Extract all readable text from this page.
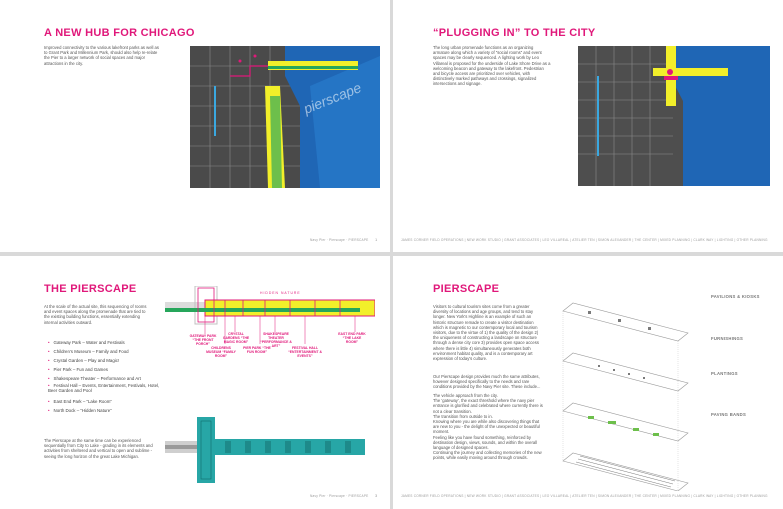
A NEW HUB FOR CHICAGO
Improved connectivity to the various lakefront parks as well as to Grant Park and Millennium Park, should also help re-relate the Pier to a larger network of social spaces and major attractions in the city.
pierscape
Navy Pier · Pierscape · PIERSCAPE 1
“PLUGGING IN” TO THE CITY
The long urban promenade functions as an organizing armature along which a variety of “social rooms” and event spaces may be clearly sequenced. A lighting work by Leo Villareal is proposed for the underside of Lake Shore Drive as a welcoming beacon and gateway to the lakefront. Pedestrian and bicycle access are prioritized over vehicles, with distinctively marked pathways and crossings, signalized intersections and signage.
JAMES CORNER FIELD OPERATIONS | NEW WORK STUDIO | GRANT ASSOCIATES | LEO VILLAREAL | ATELIER TEN | SIMON ALEXANDER | THE CENTER | MIXED PLANNING | CLARK WAY | LIGHTING | OTHER PLANNING
THE PIERSCAPE
At the scale of the actual site, this sequencing of rooms and event spaces along the promenade that are tied to the existing building functions, essentially extending internal activities outward.
• Gateway Park – Water and Festivals
• Children’s Museum – Family and Food
• Crystal Garden – Play and Magic!
• Pier Park – Fun and Games
• Shakespeare Theater – Performance and Art
• Festival Hall – Events, Entertainment, Festivals, Hotel, Beer Garden and Pool
• East End Park – “Lake Room”
• North Dock – “Hidden Nature”
The Pierscape at the same time can be experienced sequentially from City to Lake - grading in its elements and activities from sheltered and vertical to open and sublime - seeing the long horizon of the great Lake Michigan.
HIDDEN NATURE
GATEWAY PARK “THE FRONT PORCH”
CRYSTAL GARDENS “THE MAGIC ROOM”
SHAKESPEARE THEATER “PERFORMANCE & ART”
EAST END PARK “THE LAKE ROOM”
CHILDRENS MUSEUM “FAMILY ROOM”
PIER PARK “THE FUN ROOM”
FESTIVAL HALL “ENTERTAINMENT & EVENTS”
Navy Pier · Pierscape · PIERSCAPE 3
PIERSCAPE
Visitors to cultural tourism sites come from a greater diversity of locations and age groups, and tend to stay longer. New York’s Highline is an example of such an historic structure remade to create a visitor destination which is magnetic to our contemporary local and tourism visitors, due to the virtue of 1) the quality of the design 2) the uniqueness of constructing a landscape on structure through a dense city core 3) provides open space access where there is little 4) simultaneously generates both environment habitat quality, and is a contemporary art expression of today’s culture.
Our Pierscape design provides much the same attributes, however designed specifically to the needs and rare conditions provided by the Navy Pier site. These include...
The vehicle approach from the city.
The ‘gateway’, the exact threshold where the navy pier entrance is glorified and celebrated where currently there is not a clear transition.
The transition from outside to in.
Knowing where you are while also discovering things that are new to you - the delight of the unexpected or beautiful moment.
Feeling like you have found something, reinforced by destination design, views, sounds, and within the overall language of designed spaces.
Continuing the journey and collecting memories of the new points, while easily moving around through crowds.
PAVILIONS & KIOSKS
FURNISHINGS
PLANTINGS
PAVING BANDS
JAMES CORNER FIELD OPERATIONS | NEW WORK STUDIO | GRANT ASSOCIATES | LEO VILLAREAL | ATELIER TEN | SIMON ALEXANDER | THE CENTER | MIXED PLANNING | CLARK WAY | LIGHTING | OTHER PLANNING
